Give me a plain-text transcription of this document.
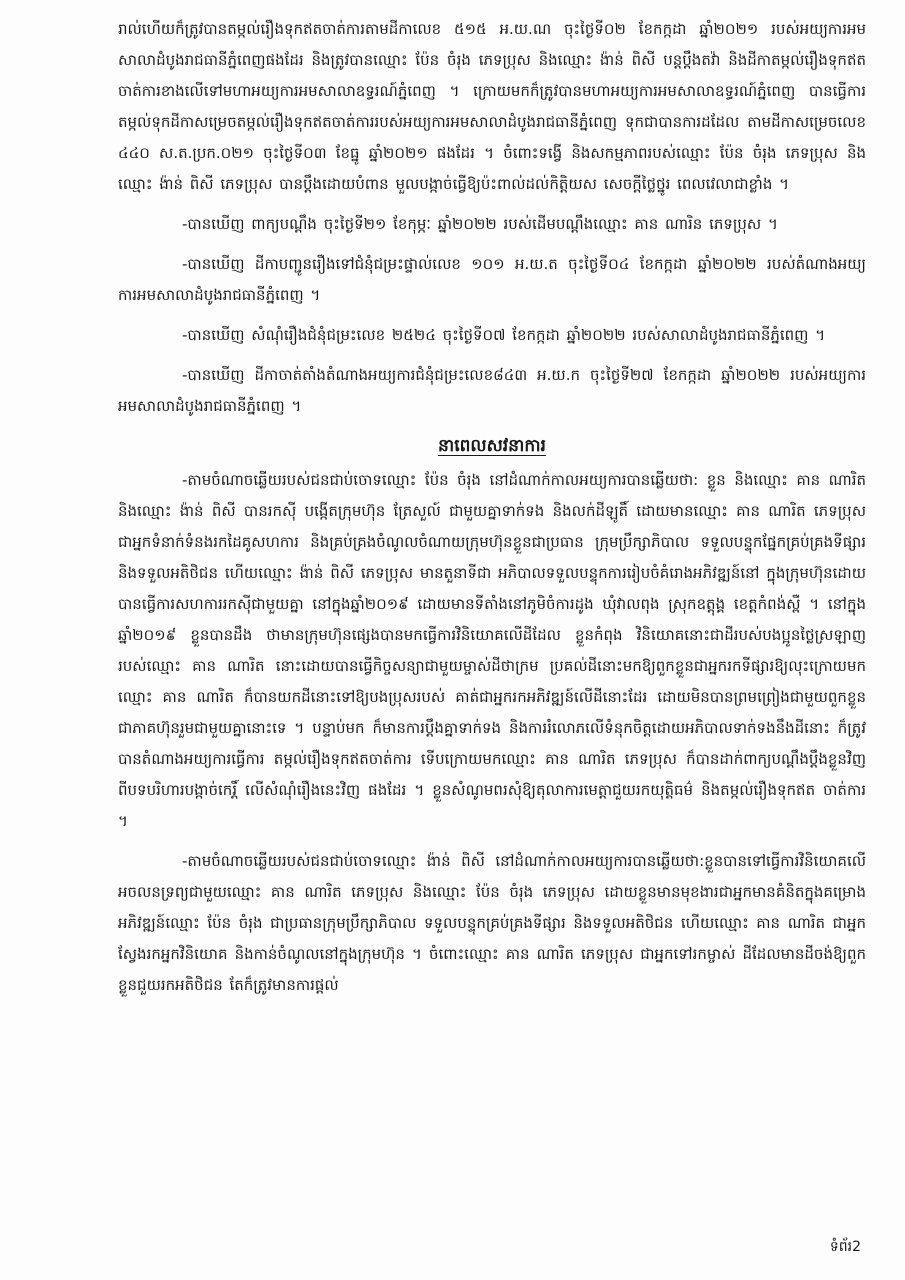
រាល់ហើយក៏ត្រូវបានតម្កល់រឿងទុកឥតចាត់ការតាមដីកាលេខ ៥១៥ អ.យ.ណ ចុះថ្ងៃទី០២ ខែកក្កដា ឆ្នាំ២០២១ របស់អយ្យការអមសាលាដំបូងរាជធានីភ្នំពេញផងដែរ និងត្រូវបានឈ្មោះ ប៉ែន ចំរុង ភេទប្រុស និងឈ្មោះ ង៉ាន់ ពិសី បន្តប្តឹងតវ៉ា និងដីកាតម្កល់រឿងទុកឥតចាត់ការខាងលើទៅមហាអយ្យការអមសាលាឧទ្ធរណ៍ភ្នំពេញ ។ ក្រោយមកក៏ត្រូវបានមហាអយ្យការអមសាលាឧទ្ធរណ៍ភ្នំពេញ បានធ្វើការតម្កល់ទុកដីកាសម្រេចតម្កល់រឿងទុកឥតចាត់ការរបស់អយ្យការអមសាលាដំបូងរាជធានីភ្នំពេញ ទុកជាបានការដដែល តាមដីកាសម្រេចលេខ ៤៤០ ស.ត.ប្រក.០២១ ចុះថ្ងៃទី០៣ ខែធ្នូ ឆ្នាំ២០២១ ផងដែរ ។ ចំពោះទង្វើ និងសកម្មភាពរបស់ឈ្មោះ ប៉ែន ចំរុង ភេទប្រុស និងឈ្មោះ ង៉ាន់ ពិសី ភេទប្រុស បានប្តឹងដោយបំពាន មួលបង្កាច់ធ្វើឱ្យប៉ះពាល់ដល់កិត្តិយស សេចក្តីថ្លៃថ្នូរ ពេលវេលាជាខ្លាំង ។

-បានឃើញ ពាក្យបណ្តឹង ចុះថ្ងៃទី២១ ខែកុម្ភៈ ឆ្នាំ២០២២ របស់ដើមបណ្តឹងឈ្មោះ គាន ណារិន ភេទប្រុស ។

-បានឃើញ ដីកាបញ្ជូនរឿងទៅជំនុំជម្រះផ្ទាល់លេខ ១០១ អ.យ.ត ចុះថ្ងៃទី០៤ ខែកក្កដា ឆ្នាំ២០២២ របស់តំណាងអយ្យការអមសាលាដំបូងរាជធានីភ្នំពេញ ។

-បានឃើញ សំណុំរឿងជំនុំជម្រះលេខ ២៥២៤ ចុះថ្ងៃទី០៧ ខែកក្កដា ឆ្នាំ២០២២ របស់សាលាដំបូងរាជធានីភ្នំពេញ ។

-បានឃើញ ដីកាចាត់តាំងតំណាងអយ្យការជំនុំជម្រះលេខ៨៤៣ អ.យ.ក ចុះថ្ងៃទី២៧ ខែកក្កដា ឆ្នាំ២០២២ របស់អយ្យការ អមសាលាដំបូងរាជធានីភ្នំពេញ ។

នាពេលសវនាការ

-តាមចំណាចឆ្លើយរបស់ជនជាប់ចោទឈ្មោះ ប៉ែន ចំរុង នៅដំណាក់កាលអយ្យការបានឆ្លើយថា: ខ្លួន និងឈ្មោះ គាន ណារិត និងឈ្មោះ ង៉ាន់ ពិសី បានរកស៊ី បង្កើតក្រុមហ៊ុន ត្រែសួល៍ ជាមួយគ្នាទាក់ទង និងលក់ដីឡូតិ៍ ដោយមានឈ្មោះ គាន ណារិត ភេទប្រុស ជាអ្នកទំនាក់ទំនងរកដៃគូសហការ និងគ្រប់គ្រងចំណូលចំណាយក្រុមហ៊ុនខ្លួនជាប្រធាន ក្រុមប្រឹក្សាភិបាល ទទួលបន្ទុកផ្នែកគ្រប់គ្រងទីផ្សារ និងទទួលអតិថិជន ហើយឈ្មោះ ង៉ាន់ ពិសី ភេទប្រុស មានតួនាទីជា អភិបាលទទួលបន្ទុកការរៀបចំគំរោងអភិវឌ្ឍន៍នៅ ក្នុងក្រុមហ៊ុនដោយបានធ្វើការសហការរកស៊ីជាមួយគ្នា នៅក្នុងឆ្នាំ២០១៩ ដោយមានទីតាំងនៅភូមិចំការដូង ឃុំវាលពុង ស្រុកឧត្តុង្គ ខេត្តកំពង់ស្ពឺ ។ នៅក្នុងឆ្នាំ២០១៩ ខ្លួនបានដឹង ថាមានក្រុមហ៊ុនផ្សេងបានមកធ្វើការវិនិយោគលើដីដែល ខ្លួនកំពុង វិនិយោគនោះជាដីរបស់បងប្អូនថ្លៃស្រឡាញ របស់ឈ្មោះ គាន ណារិត នោះដោយបានធ្វើកិច្ចសន្យាជាមួយម្ចាស់ដីថាក្រម ប្រគល់ដីនោះមកឱ្យពួកខ្លួនជាអ្នករកទីផ្សារឱ្យលុះក្រោយមកឈ្មោះ គាន ណារិត ក៏បានយកដីនោះទៅឱ្យបងប្រុសរបស់ គាត់ជាអ្នករកអភិវឌ្ឍន៍លើដីនោះដែរ ដោយមិនបានព្រមព្រៀងជាមួយពួកខ្លួន ជាភាគហ៊ុនរួមជាមួយគ្នានោះទេ ។ បន្ទាប់មក ក៏មានការប្តឹងគ្នាទាក់ទង និងការរំលោភលើទំនុកចិត្តដោយអភិបាលទាក់ទងនឹងដីនោះ ក៏ត្រូវបានតំណាងអយ្យការធ្វើការ តម្កល់រឿងទុកឥតចាត់ការ ទើបក្រោយមកឈ្មោះ គាន ណារិត ភេទប្រុស ក៏បានដាក់ពាក្យបណ្តឹងប្តឹងខ្លួនវិញ ពីបទបរិហារបង្កាច់កេរ្តិ៍ លើសំណុំរឿងនេះវិញ ផងដែរ ។ ខ្លួនសំណូមពរសុំឱ្យតុលាការមេត្តាជួយរកយុត្តិធម៌ និងតម្កល់រឿងទុកឥត ចាត់ការ ។

-តាមចំណាចឆ្លើយរបស់ជនជាប់ចោទឈ្មោះ ង៉ាន់ ពិសី នៅដំណាក់កាលអយ្យការបានឆ្លើយថា:ខ្លួនបានទៅធ្វើការវិនិយោគលើអចលនទ្រព្យជាមួយឈ្មោះ គាន ណារិត ភេទប្រុស និងឈ្មោះ ប៉ែន ចំរុង ភេទប្រុស ដោយខ្លួនមានមុខងារជាអ្នកមានគំនិតក្នុងគម្រោងអភិវឌ្ឍន៍ឈ្មោះ ប៉ែន ចំរុង ជាប្រធានក្រុមប្រឹក្សាភិបាល ទទួលបន្ទុកគ្រប់គ្រងទីផ្សារ និងទទួលអតិថិជន ហើយឈ្មោះ គាន ណារិត ជាអ្នកស្វែងរកអ្នកវិនិយោគ និងកាន់ចំណូលនៅក្នុងក្រុមហ៊ុន ។ ចំពោះឈ្មោះ គាន ណារិត ភេទប្រុស ជាអ្នកទៅរកម្ចាស់ ដីដែលមានដីចង់ឱ្យពួកខ្លួនជួយរកអតិថិជន តែក៏ត្រូវមានការផ្តល់

ទំព័រ2
